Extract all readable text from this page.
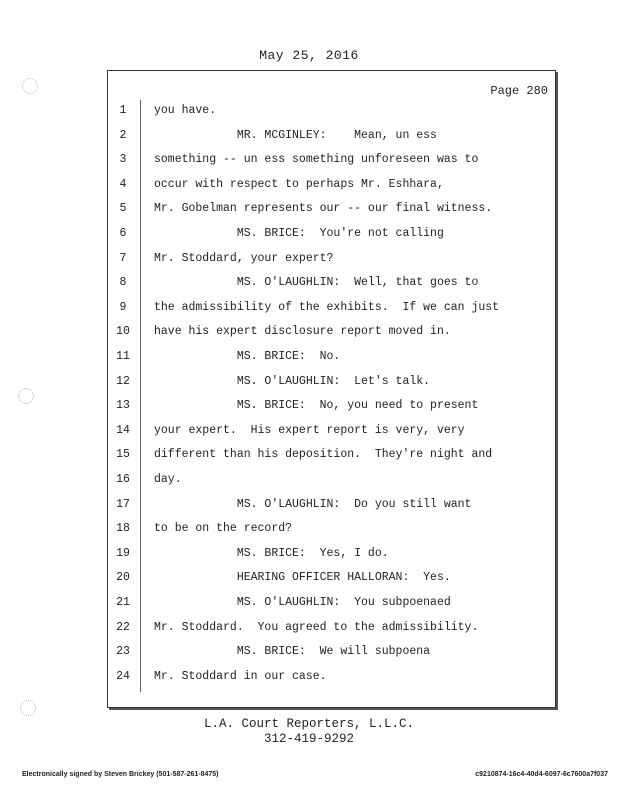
May 25, 2016
Page 280
1	you have.
2	MR. MCGINLEY:    Mean, un ess
3	something -- un ess something unforeseen was to
4	occur with respect to perhaps Mr. Eshhara,
5	Mr. Gobelman represents our -- our final witness.
6	MS. BRICE:  You're not calling
7	Mr. Stoddard, your expert?
8	MS. O'LAUGHLIN:  Well, that goes to
9	the admissibility of the exhibits.  If we can just
10	have his expert disclosure report moved in.
11	MS. BRICE:  No.
12	MS. O'LAUGHLIN:  Let's talk.
13	MS. BRICE:  No, you need to present
14	your expert.  His expert report is very, very
15	different than his deposition.  They're night and
16	day.
17	MS. O'LAUGHLIN:  Do you still want
18	to be on the record?
19	MS. BRICE:  Yes, I do.
20	HEARING OFFICER HALLORAN:  Yes.
21	MS. O'LAUGHLIN:  You subpoenaed
22	Mr. Stoddard.  You agreed to the admissibility.
23	MS. BRICE:  We will subpoena
24	Mr. Stoddard in our case.
L.A. Court Reporters, L.L.C.
312-419-9292
Electronically signed by Steven Brickey (501-587-261-8475)	c9210874-16c4-40d4-6097-6c7600a7f037
